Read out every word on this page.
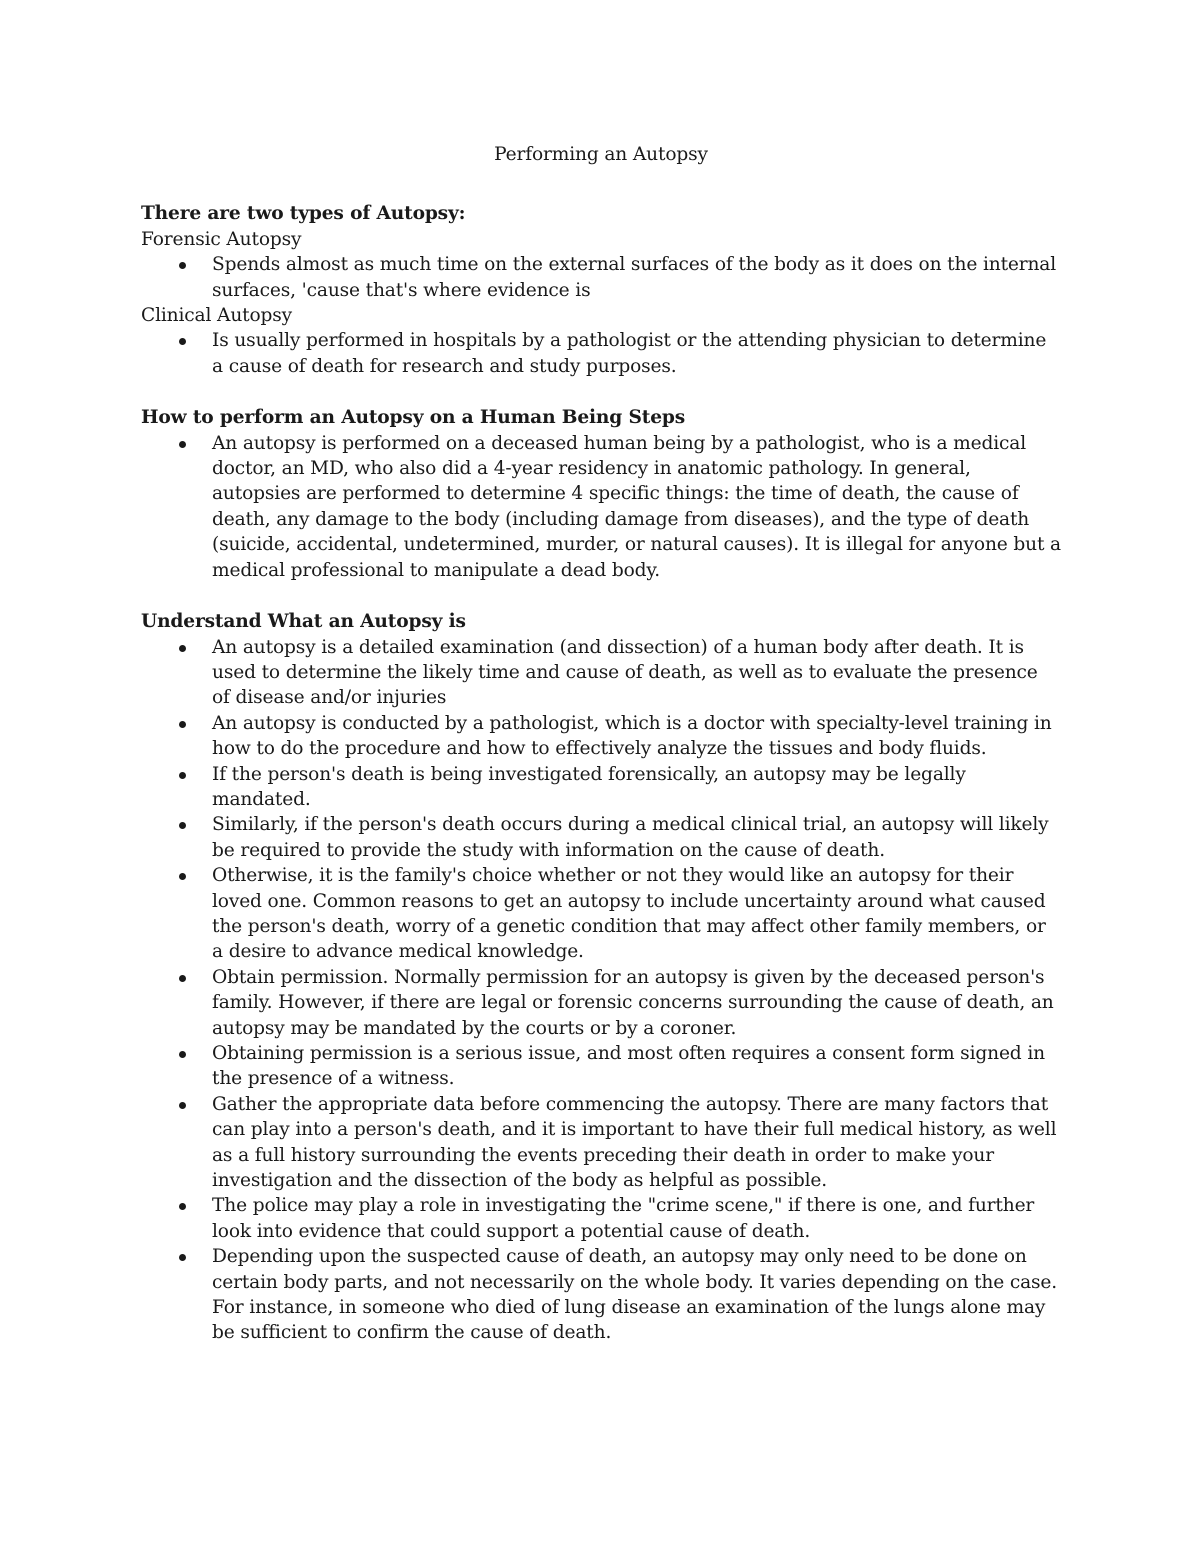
Performing an Autopsy
There are two types of Autopsy:
Forensic Autopsy
Spends almost as much time on the external surfaces of the body as it does on the internal surfaces, 'cause that's where evidence is
Clinical Autopsy
Is usually performed in hospitals by a pathologist or the attending physician to determine a cause of death for research and study purposes.
How to perform an Autopsy on a Human Being Steps
An autopsy is performed on a deceased human being by a pathologist, who is a medical doctor, an MD, who also did a 4-year residency in anatomic pathology. In general, autopsies are performed to determine 4 specific things: the time of death, the cause of death, any damage to the body (including damage from diseases), and the type of death (suicide, accidental, undetermined, murder, or natural causes). It is illegal for anyone but a medical professional to manipulate a dead body.
Understand What an Autopsy is
An autopsy is a detailed examination (and dissection) of a human body after death. It is used to determine the likely time and cause of death, as well as to evaluate the presence of disease and/or injuries
An autopsy is conducted by a pathologist, which is a doctor with specialty-level training in how to do the procedure and how to effectively analyze the tissues and body fluids.
If the person's death is being investigated forensically, an autopsy may be legally mandated.
Similarly, if the person's death occurs during a medical clinical trial, an autopsy will likely be required to provide the study with information on the cause of death.
Otherwise, it is the family's choice whether or not they would like an autopsy for their loved one. Common reasons to get an autopsy to include uncertainty around what caused the person's death, worry of a genetic condition that may affect other family members, or a desire to advance medical knowledge.
Obtain permission. Normally permission for an autopsy is given by the deceased person's family. However, if there are legal or forensic concerns surrounding the cause of death, an autopsy may be mandated by the courts or by a coroner.
Obtaining permission is a serious issue, and most often requires a consent form signed in the presence of a witness.
Gather the appropriate data before commencing the autopsy. There are many factors that can play into a person's death, and it is important to have their full medical history, as well as a full history surrounding the events preceding their death in order to make your investigation and the dissection of the body as helpful as possible.
The police may play a role in investigating the "crime scene," if there is one, and further look into evidence that could support a potential cause of death.
Depending upon the suspected cause of death, an autopsy may only need to be done on certain body parts, and not necessarily on the whole body. It varies depending on the case. For instance, in someone who died of lung disease an examination of the lungs alone may be sufficient to confirm the cause of death.
